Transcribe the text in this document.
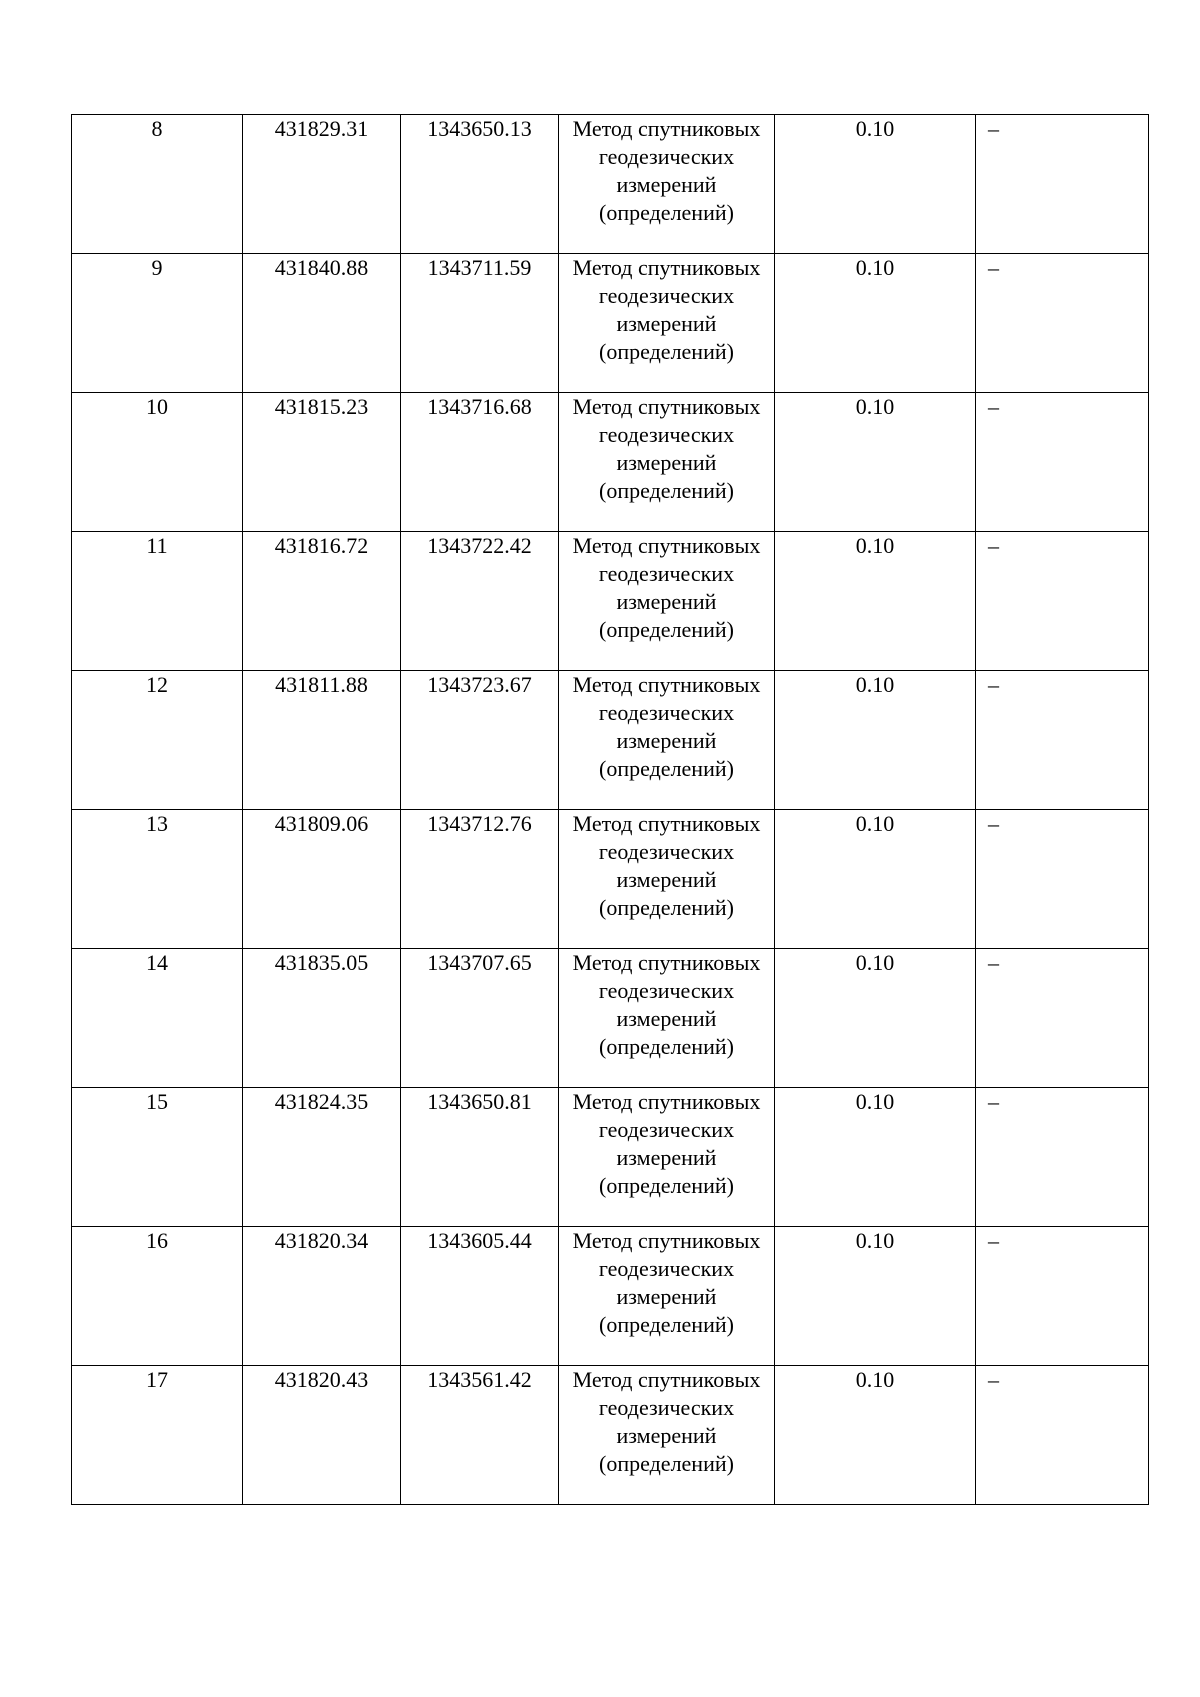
8	431829.31	1343650.13	Метод спутниковых геодезических измерений (определений)	0.10	–
9	431840.88	1343711.59	Метод спутниковых геодезических измерений (определений)	0.10	–
10	431815.23	1343716.68	Метод спутниковых геодезических измерений (определений)	0.10	–
11	431816.72	1343722.42	Метод спутниковых геодезических измерений (определений)	0.10	–
12	431811.88	1343723.67	Метод спутниковых геодезических измерений (определений)	0.10	–
13	431809.06	1343712.76	Метод спутниковых геодезических измерений (определений)	0.10	–
14	431835.05	1343707.65	Метод спутниковых геодезических измерений (определений)	0.10	–
15	431824.35	1343650.81	Метод спутниковых геодезических измерений (определений)	0.10	–
16	431820.34	1343605.44	Метод спутниковых геодезических измерений (определений)	0.10	–
17	431820.43	1343561.42	Метод спутниковых геодезических измерений (определений)	0.10	–
